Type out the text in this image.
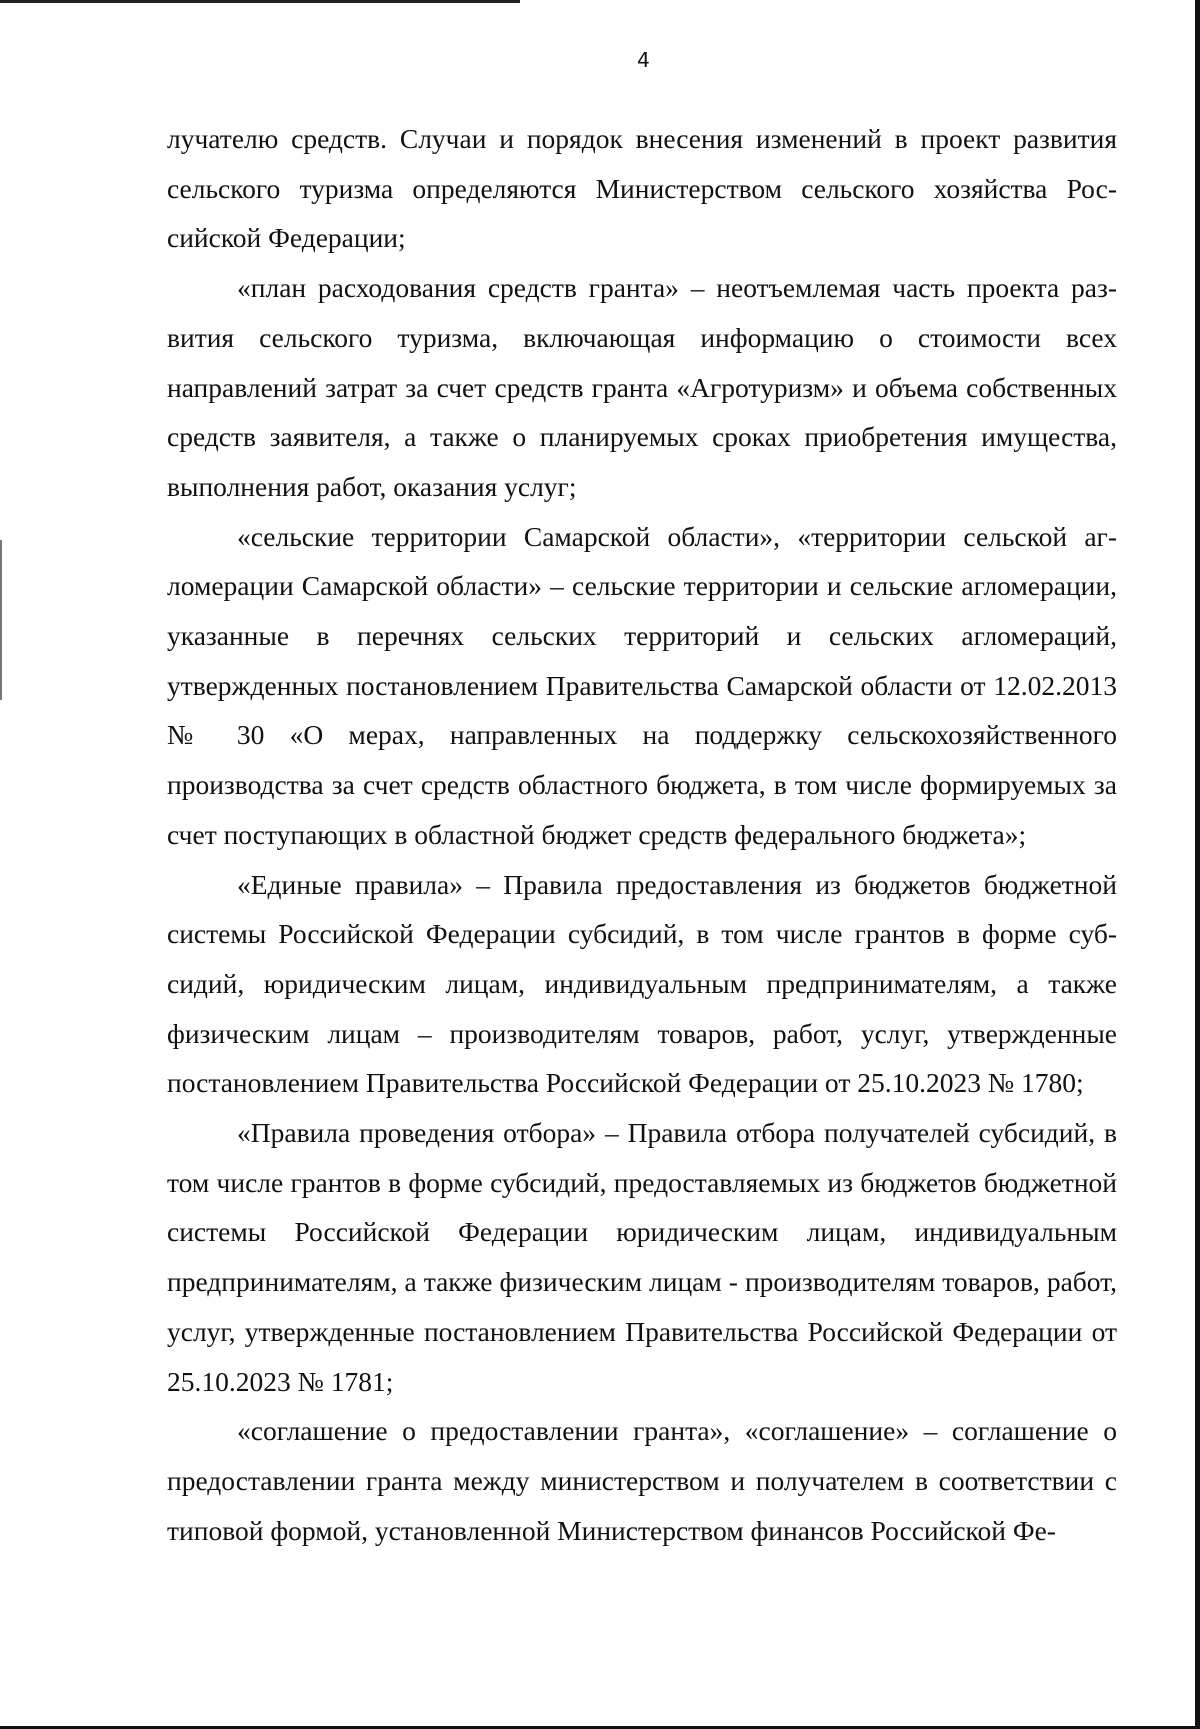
4

лучателю средств. Случаи и порядок внесения изменений в проект развития сельского туризма определяются Министерством сельского хозяйства Российской Федерации;

«план расходования средств гранта» – неотъемлемая часть проекта развития сельского туризма, включающая информацию о стоимости всех направлений затрат за счет средств гранта «Агротуризм» и объема собственных средств заявителя, а также о планируемых сроках приобретения имущества, выполнения работ, оказания услуг;

«сельские территории Самарской области», «территории сельской агломерации Самарской области» – сельские территории и сельские агломерации, указанные в перечнях сельских территорий и сельских агломераций, утвержденных постановлением Правительства Самарской области от 12.02.2013 № 30 «О мерах, направленных на поддержку сельскохозяйственного производства за счет средств областного бюджета, в том числе формируемых за счет поступающих в областной бюджет средств федерального бюджета»;

«Единые правила» – Правила предоставления из бюджетов бюджетной системы Российской Федерации субсидий, в том числе грантов в форме субсидий, юридическим лицам, индивидуальным предпринимателям, а также физическим лицам – производителям товаров, работ, услуг, утвержденные постановлением Правительства Российской Федерации от 25.10.2023 № 1780;

«Правила проведения отбора» – Правила отбора получателей субсидий, в том числе грантов в форме субсидий, предоставляемых из бюджетов бюджетной системы Российской Федерации юридическим лицам, индивидуальным предпринимателям, а также физическим лицам - производителям товаров, работ, услуг, утвержденные постановлением Правительства Российской Федерации от 25.10.2023 № 1781;

«соглашение о предоставлении гранта», «соглашение» – соглашение о предоставлении гранта между министерством и получателем в соответствии с типовой формой, установленной Министерством финансов Российской Фе-
